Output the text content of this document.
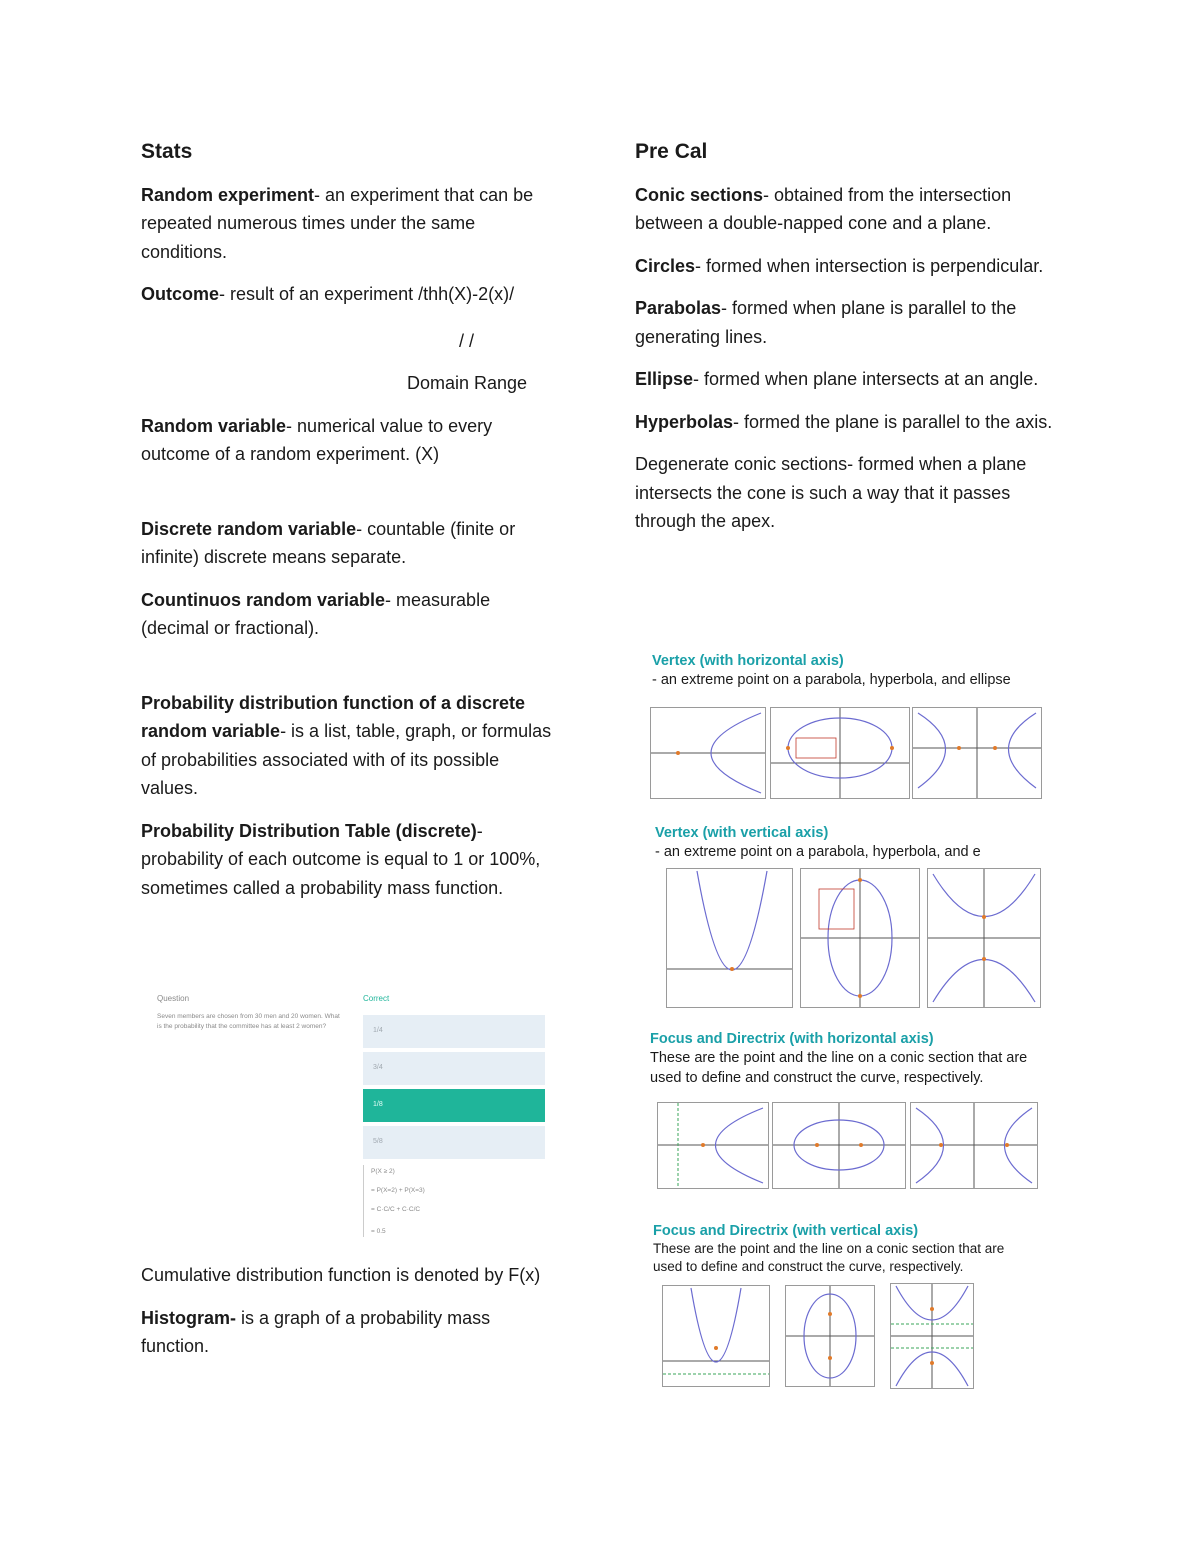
Stats

Random experiment- an experiment that can be repeated numerous times under the same conditions.

Outcome- result of an experiment /thh(X)-2(x)/

/ /

Domain Range

Random variable- numerical value to every outcome of a random experiment. (X)

Discrete random variable- countable (finite or infinite) discrete means separate.

Countinuos random variable- measurable (decimal or fractional).

Probability distribution function of a discrete random variable- is a list, table, graph, or formulas of probabilities associated with of its possible values.

Probability Distribution Table (discrete)- probability of each outcome is equal to 1 or 100%, sometimes called a probability mass function.

Question
Seven members are chosen from 30 men and 20 women. What is the probability that the committee has at least 2 women?
Correct
1/4
3/4
1/8
5/8
P(X ≥ 2)
= P(X=2) + P(X=3)
= C·C/C + C·C/C
= 0.5

Cumulative distribution function is denoted by F(x)

Histogram- is a graph of a probability mass function.

Pre Cal

Conic sections- obtained from the intersection between a double-napped cone and a plane.

Circles- formed when intersection is perpendicular.

Parabolas- formed when plane is parallel to the generating lines.

Ellipse- formed when plane intersects at an angle.

Hyperbolas- formed the plane is parallel to the axis.

Degenerate conic sections- formed when a plane intersects the cone is such a way that it passes through the apex.

Vertex (with horizontal axis)
- an extreme point on a parabola, hyperbola, and ellipse
Vertex (with vertical axis)
- an extreme point on a parabola, hyperbola, and e
Focus and Directrix (with horizontal axis)
These are the point and the line on a conic section that are used to define and construct the curve, respectively.
Focus and Directrix (with vertical axis)
These are the point and the line on a conic section that are used to define and construct the curve, respectively.
